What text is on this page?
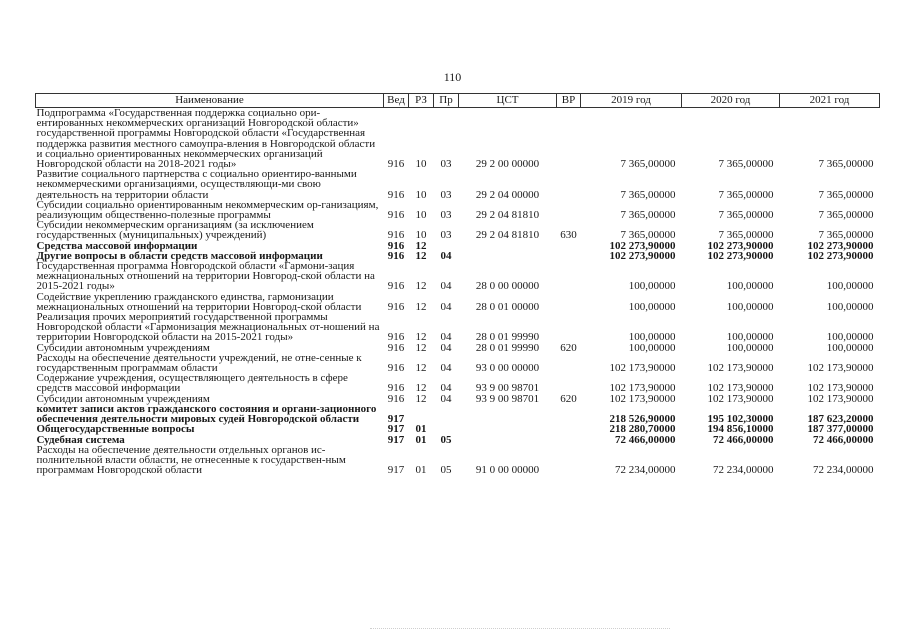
110
Наименование	Вед	РЗ	Пр	ЦСТ	ВР	2019 год	2020 год	2021 год
Подпрограмма «Государственная поддержка социально ори-ентированных некоммерческих организаций Новгородской области» государственной программы Новгородской области «Государственная поддержка развития местного самоупра-вления в Новгородской области и социально ориентированных некоммерческих организаций Новгородской области на 2018-2021 годы»	916	10	03	29 2 00 00000		7 365,00000	7 365,00000	7 365,00000
Развитие социального партнерства с социально ориентиро-ванными некоммерческими организациями, осуществляющи-ми свою деятельность на территории области	916	10	03	29 2 04 00000		7 365,00000	7 365,00000	7 365,00000
Субсидии социально ориентированным некоммерческим ор-ганизациям, реализующим общественно-полезные программы	916	10	03	29 2 04 81810		7 365,00000	7 365,00000	7 365,00000
Субсидии некоммерческим организациям (за исключением государственных (муниципальных) учреждений)	916	10	03	29 2 04 81810	630	7 365,00000	7 365,00000	7 365,00000
Средства массовой информации	916	12				102 273,90000	102 273,90000	102 273,90000
Другие вопросы в области средств массовой информации	916	12	04			102 273,90000	102 273,90000	102 273,90000
Государственная программа Новгородской области «Гармони-зация межнациональных отношений на территории Новгород-ской области на 2015-2021 годы»	916	12	04	28 0 00 00000		100,00000	100,00000	100,00000
Содействие укреплению гражданского единства, гармонизации межнациональных отношений на территории Новгород-ской области	916	12	04	28 0 01 00000		100,00000	100,00000	100,00000
Реализация прочих мероприятий государственной программы Новгородской области «Гармонизация межнациональных от-ношений на территории Новгородской области на 2015-2021 годы»	916	12	04	28 0 01 99990		100,00000	100,00000	100,00000
Субсидии автономным учреждениям	916	12	04	28 0 01 99990	620	100,00000	100,00000	100,00000
Расходы на обеспечение деятельности учреждений, не отне-сенные к государственным программам области	916	12	04	93 0 00 00000		102 173,90000	102 173,90000	102 173,90000
Содержание учреждения, осуществляющего деятельность в сфере средств массовой информации	916	12	04	93 9 00 98701		102 173,90000	102 173,90000	102 173,90000
Субсидии автономным учреждениям	916	12	04	93 9 00 98701	620	102 173,90000	102 173,90000	102 173,90000
комитет записи актов гражданского состояния и органи-зационного обеспечения деятельности мировых судей Новгородской области	917					218 526,90000	195 102,30000	187 623,20000
Общегосударственные вопросы	917	01				218 280,70000	194 856,10000	187 377,00000
Судебная система	917	01	05			72 466,00000	72 466,00000	72 466,00000
Расходы на обеспечение деятельности отдельных органов ис-полнительной власти области, не отнесенные к государствен-ным программам Новгородской области	917	01	05	91 0 00 00000		72 234,00000	72 234,00000	72 234,00000
